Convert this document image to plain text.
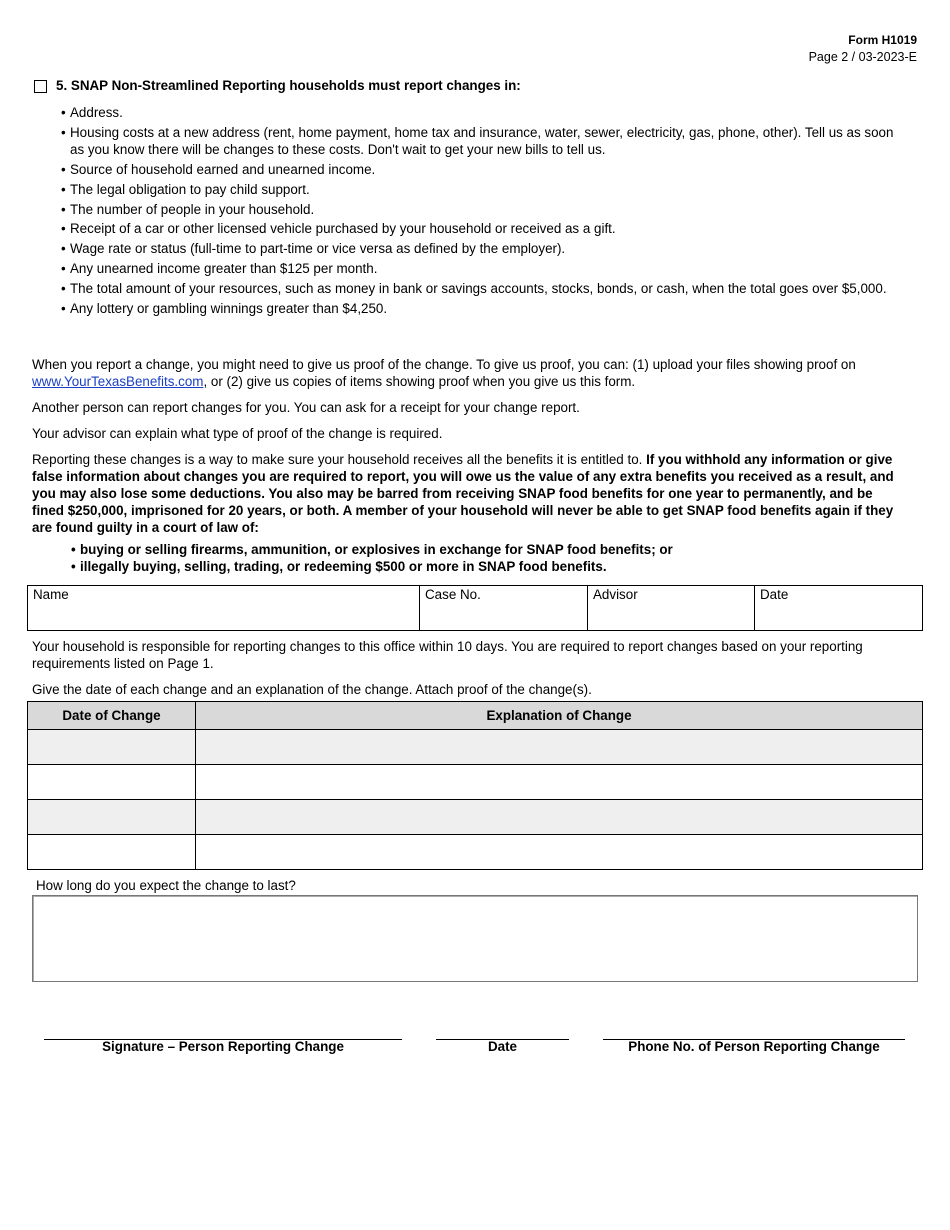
Form H1019
Page 2 / 03-2023-E
5. SNAP Non-Streamlined Reporting households must report changes in:
• Address.
• Housing costs at a new address (rent, home payment, home tax and insurance, water, sewer, electricity, gas, phone, other). Tell us as soon as you know there will be changes to these costs. Don't wait to get your new bills to tell us.
• Source of household earned and unearned income.
• The legal obligation to pay child support.
• The number of people in your household.
• Receipt of a car or other licensed vehicle purchased by your household or received as a gift.
• Wage rate or status (full-time to part-time or vice versa as defined by the employer).
• Any unearned income greater than $125 per month.
• The total amount of your resources, such as money in bank or savings accounts, stocks, bonds, or cash, when the total goes over $5,000.
• Any lottery or gambling winnings greater than $4,250.

When you report a change, you might need to give us proof of the change. To give us proof, you can: (1) upload your files showing proof on www.YourTexasBenefits.com, or (2) give us copies of items showing proof when you give us this form.

Another person can report changes for you. You can ask for a receipt for your change report.

Your advisor can explain what type of proof of the change is required.

Reporting these changes is a way to make sure your household receives all the benefits it is entitled to. If you withhold any information or give false information about changes you are required to report, you will owe us the value of any extra benefits you received as a result, and you may also lose some deductions. You also may be barred from receiving SNAP food benefits for one year to permanently, and be fined $250,000, imprisoned for 20 years, or both. A member of your household will never be able to get SNAP food benefits again if they are found guilty in a court of law of:

• buying or selling firearms, ammunition, or explosives in exchange for SNAP food benefits; or
• illegally buying, selling, trading, or redeeming $500 or more in SNAP food benefits.
Name	Case No.	Advisor	Date

Your household is responsible for reporting changes to this office within 10 days. You are required to report changes based on your reporting requirements listed on Page 1.

Give the date of each change and an explanation of the change. Attach proof of the change(s).

Date of Change	Explanation of Change

How long do you expect the change to last?
Signature – Person Reporting Change	Date	Phone No. of Person Reporting Change
